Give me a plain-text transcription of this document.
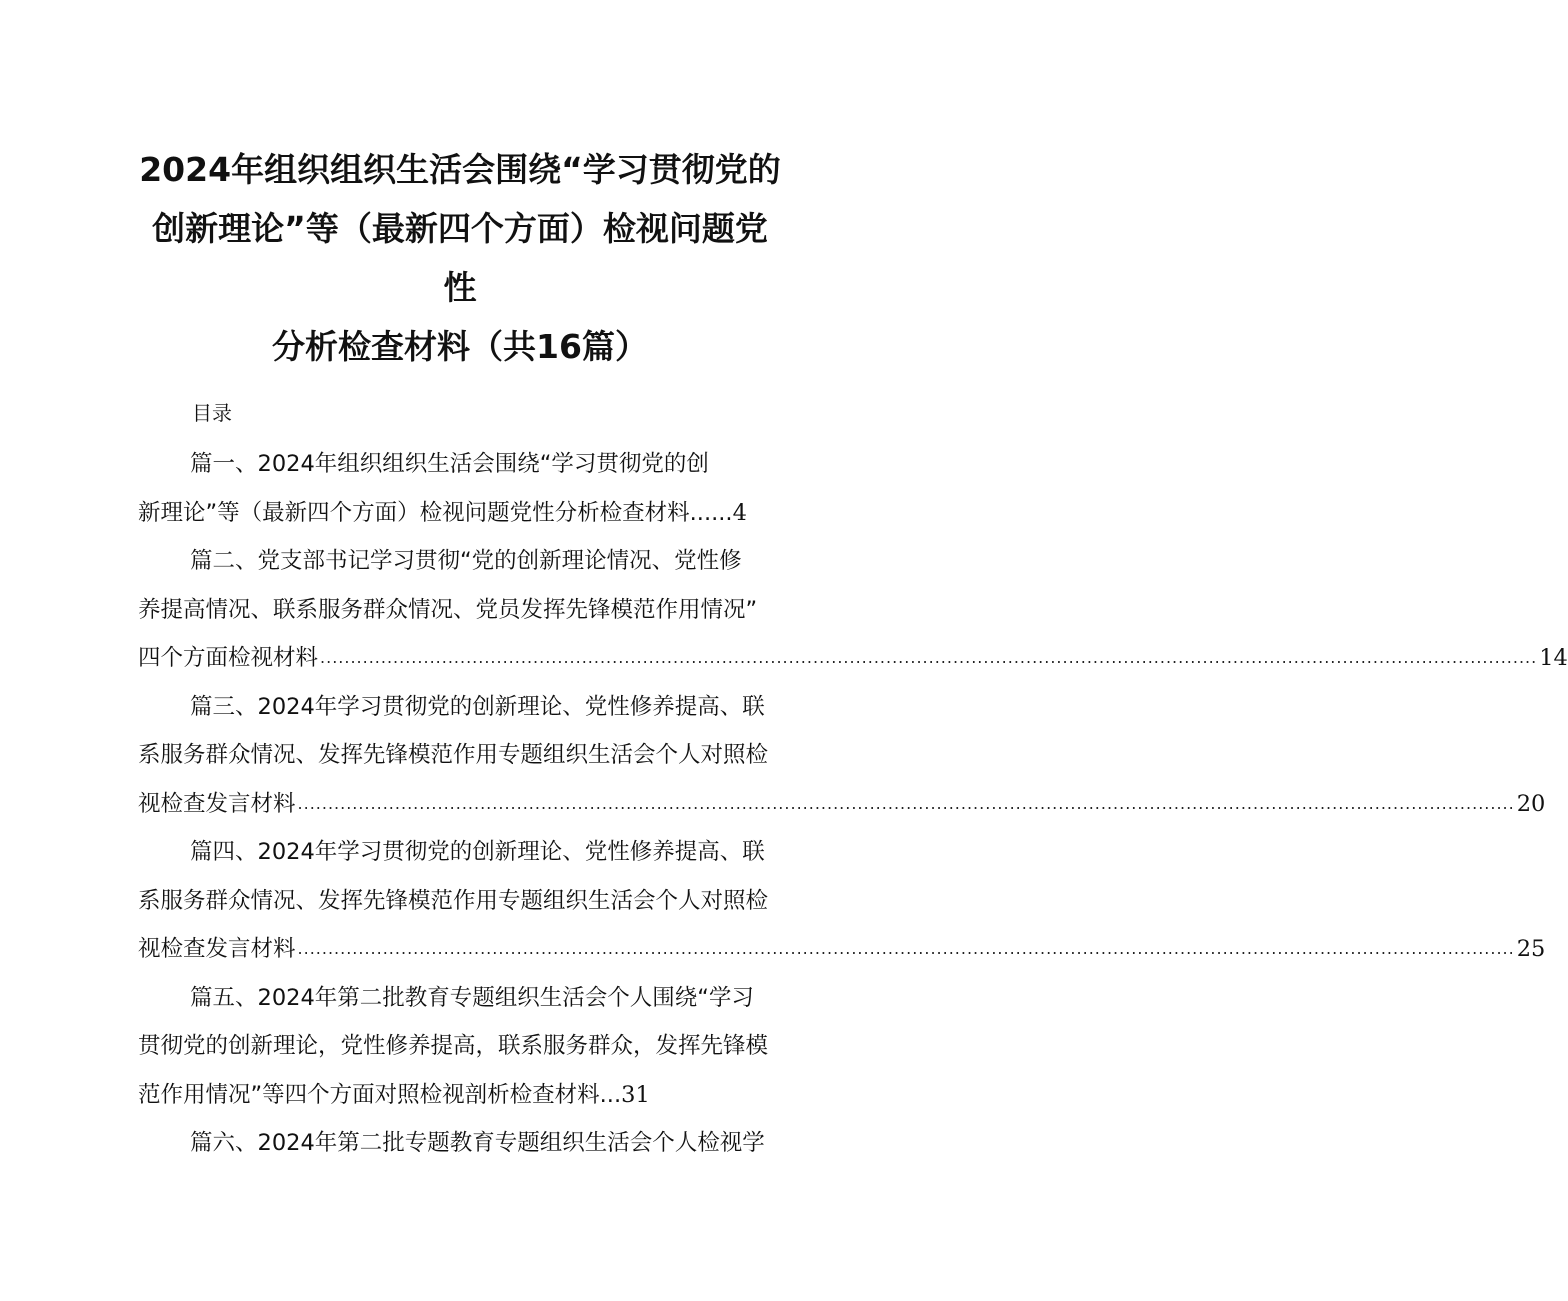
2024年组织组织生活会围绕“学习贯彻党的
创新理论”等（最新四个方面）检视问题党
性
分析检查材料（共16篇）
目录
篇一、2024年组织组织生活会围绕“学习贯彻党的创
新理论”等（最新四个方面）检视问题党性分析检查材料...... 4
篇二、党支部书记学习贯彻“党的创新理论情况、党性修
养提高情况、联系服务群众情况、党员发挥先锋模范作用情况”
四个方面检视材料 ........................................................................................................................................................................................................ 14
篇三、2024年学习贯彻党的创新理论、党性修养提高、联
系服务群众情况、发挥先锋模范作用专题组织生活会个人对照检
视检查发言材料 ........................................................................................................................................................................................................ 20
篇四、2024年学习贯彻党的创新理论、党性修养提高、联
系服务群众情况、发挥先锋模范作用专题组织生活会个人对照检
视检查发言材料 ........................................................................................................................................................................................................ 25
篇五、2024年第二批教育专题组织生活会个人围绕“学习
贯彻党的创新理论，党性修养提高，联系服务群众，发挥先锋模
范作用情况”等四个方面对照检视剖析检查材料... 31
篇六、2024年第二批专题教育专题组织生活会个人检视学
